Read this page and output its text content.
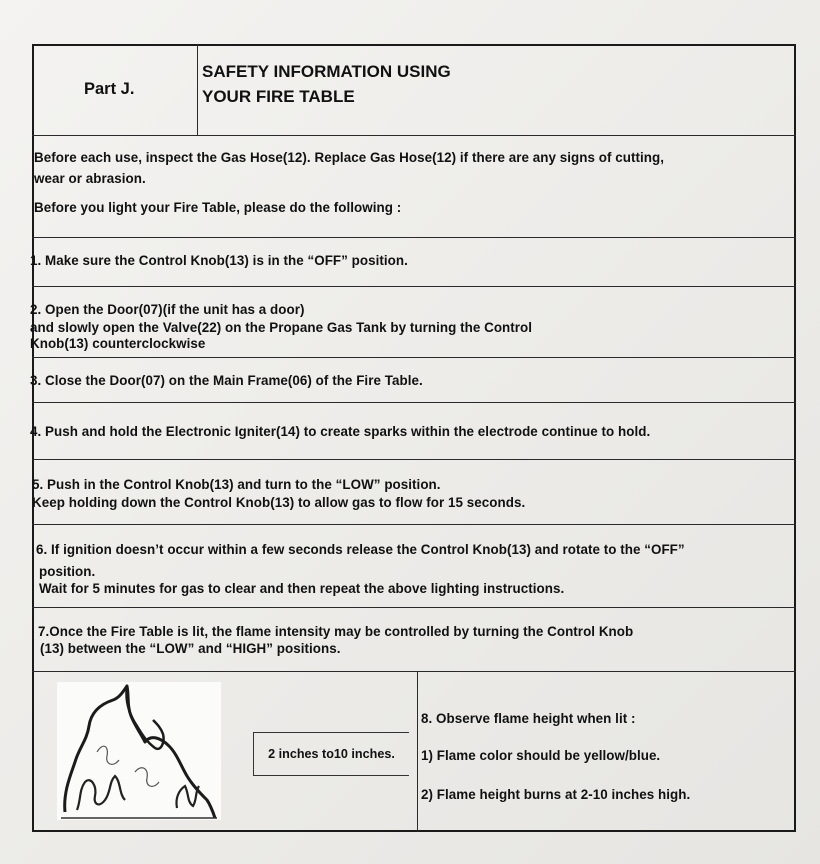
Part J.
SAFETY INFORMATION USING
YOUR FIRE TABLE
Before each use, inspect the Gas Hose(12). Replace Gas Hose(12) if there are any signs of cutting,
wear or abrasion.
Before you light your Fire Table, please do the following :
1. Make sure the Control Knob(13) is in the “OFF” position.
2. Open the Door(07)(if the unit has a door)
and slowly open the Valve(22) on the Propane Gas Tank by turning the Control
Knob(13) counterclockwise
3. Close the Door(07) on the Main Frame(06) of the Fire Table.
4. Push and hold the Electronic Igniter(14) to create sparks within the electrode continue to hold.
5. Push in the Control Knob(13) and turn to the “LOW” position.
Keep holding down the Control Knob(13) to allow gas to flow for 15 seconds.
6. If ignition doesn’t occur within a few seconds release the Control Knob(13) and rotate to the “OFF”
position.
Wait for 5 minutes for gas to clear and then repeat the above lighting instructions.
7.Once the Fire Table is lit, the flame intensity may be controlled by turning the Control Knob
(13) between the “LOW” and “HIGH” positions.
2 inches to10 inches.
8. Observe flame height when lit :
1) Flame color should be yellow/blue.
2) Flame height burns at 2-10 inches high.
